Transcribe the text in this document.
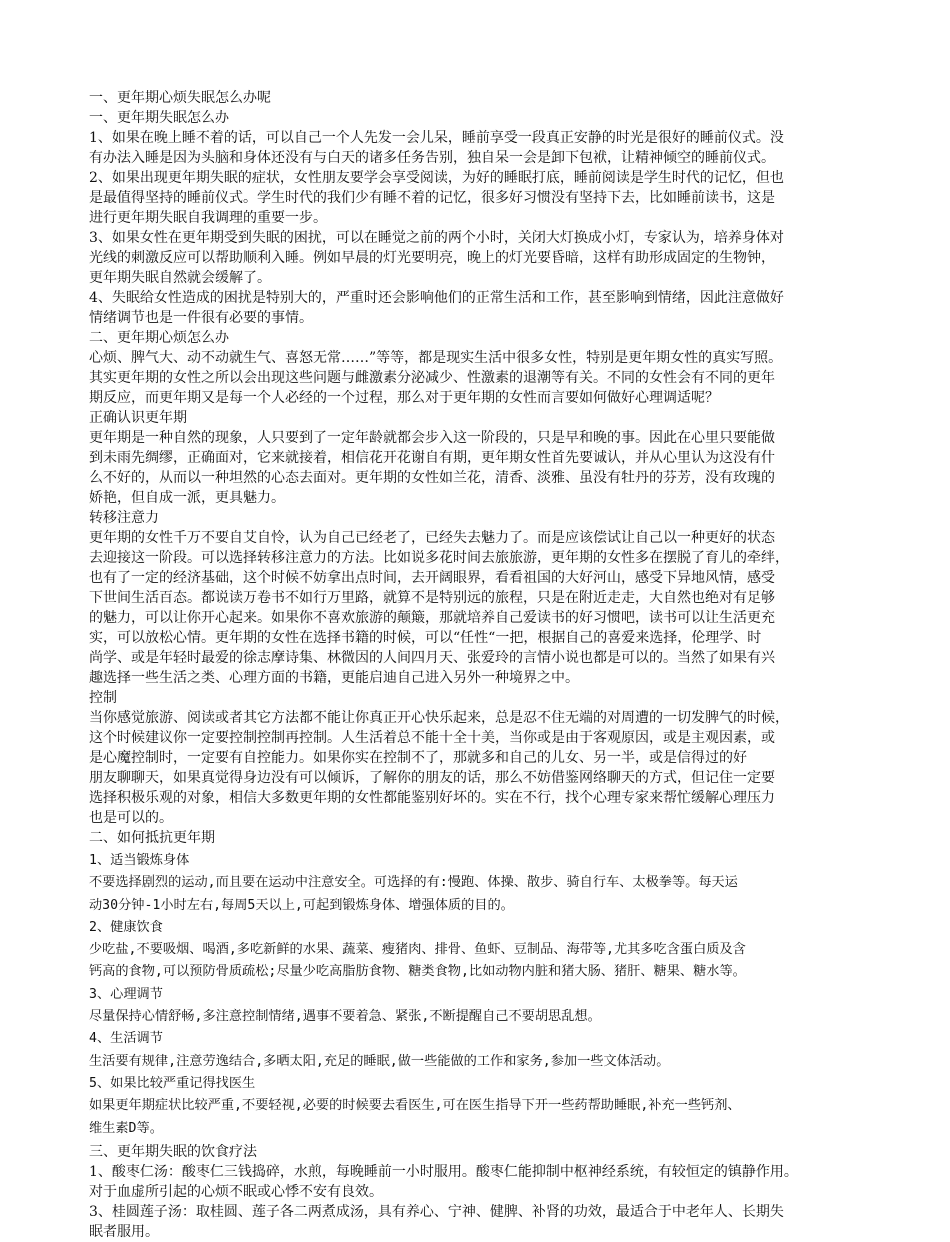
一、更年期心烦失眠怎么办呢
一、更年期失眠怎么办
1、如果在晚上睡不着的话，可以自己一个人先发一会儿呆，睡前享受一段真正安静的时光是很好的睡前仪式。没
有办法入睡是因为头脑和身体还没有与白天的诸多任务告别，独自呆一会是卸下包袱，让精神倾空的睡前仪式。
2、如果出现更年期失眠的症状，女性朋友要学会享受阅读，为好的睡眠打底，睡前阅读是学生时代的记忆，但也
是最值得坚持的睡前仪式。学生时代的我们少有睡不着的记忆，很多好习惯没有坚持下去，比如睡前读书，这是
进行更年期失眠自我调理的重要一步。
3、如果女性在更年期受到失眠的困扰，可以在睡觉之前的两个小时，关闭大灯换成小灯，专家认为，培养身体对
光线的刺激反应可以帮助顺利入睡。例如早晨的灯光要明亮，晚上的灯光要昏暗，这样有助形成固定的生物钟，
更年期失眠自然就会缓解了。
4、失眠给女性造成的困扰是特别大的，严重时还会影响他们的正常生活和工作，甚至影响到情绪，因此注意做好
情绪调节也是一件很有必要的事情。
二、更年期心烦怎么办
心烦、脾气大、动不动就生气、喜怒无常……”等等，都是现实生活中很多女性，特别是更年期女性的真实写照。
其实更年期的女性之所以会出现这些问题与雌激素分泌减少、性激素的退潮等有关。不同的女性会有不同的更年
期反应，而更年期又是每一个人必经的一个过程，那么对于更年期的女性而言要如何做好心理调适呢？
正确认识更年期
更年期是一种自然的现象，人只要到了一定年龄就都会步入这一阶段的，只是早和晚的事。因此在心里只要能做
到未雨先绸缪，正确面对，它来就接着，相信花开花谢自有期，更年期女性首先要诚认，并从心里认为这没有什
么不好的，从而以一种坦然的心态去面对。更年期的女性如兰花，清香、淡雅、虽没有牡丹的芬芳，没有玫瑰的
娇艳，但自成一派，更具魅力。
转移注意力
更年期的女性千万不要自艾自怜，认为自己已经老了，已经失去魅力了。而是应该偿试让自己以一种更好的状态
去迎接这一阶段。可以选择转移注意力的方法。比如说多花时间去旅旅游，更年期的女性多在摆脱了育儿的牵绊，
也有了一定的经济基础，这个时候不妨拿出点时间，去开阔眼界，看看祖国的大好河山，感受下异地风情，感受
下世间生活百态。都说读万卷书不如行万里路，就算不是特别远的旅程，只是在附近走走，大自然也绝对有足够
的魅力，可以让你开心起来。如果你不喜欢旅游的颠簸，那就培养自己爱读书的好习惯吧，读书可以让生活更充
实，可以放松心情。更年期的女性在选择书籍的时候，可以“任性“一把，根据自己的喜爱来选择，伦理学、时
尚学、或是年轻时最爱的徐志摩诗集、林微因的人间四月天、张爱玲的言情小说也都是可以的。当然了如果有兴
趣选择一些生活之类、心理方面的书籍，更能启迪自己进入另外一种境界之中。
控制
当你感觉旅游、阅读或者其它方法都不能让你真正开心快乐起来，总是忍不住无端的对周遭的一切发脾气的时候，
这个时候建议你一定要控制控制再控制。人生活着总不能十全十美，当你或是由于客观原因，或是主观因素，或
是心魔控制时，一定要有自控能力。如果你实在控制不了，那就多和自己的儿女、另一半，或是信得过的好
朋友聊聊天，如果真觉得身边没有可以倾诉，了解你的朋友的话，那么不妨借鉴网络聊天的方式，但记住一定要
选择积极乐观的对象，相信大多数更年期的女性都能鉴别好坏的。实在不行，找个心理专家来帮忙缓解心理压力
也是可以的。
二、如何抵抗更年期
1、适当锻炼身体
不要选择剧烈的运动,而且要在运动中注意安全。可选择的有:慢跑、体操、散步、骑自行车、太极拳等。每天运
动30分钟-1小时左右,每周5天以上,可起到锻炼身体、增强体质的目的。
2、健康饮食
少吃盐,不要吸烟、喝酒,多吃新鲜的水果、蔬菜、瘦猪肉、排骨、鱼虾、豆制品、海带等,尤其多吃含蛋白质及含
钙高的食物,可以预防骨质疏松;尽量少吃高脂肪食物、糖类食物,比如动物内脏和猪大肠、猪肝、糖果、糖水等。
3、心理调节
尽量保持心情舒畅,多注意控制情绪,遇事不要着急、紧张,不断提醒自己不要胡思乱想。
4、生活调节
生活要有规律,注意劳逸结合,多晒太阳,充足的睡眠,做一些能做的工作和家务,参加一些文体活动。
5、如果比较严重记得找医生
如果更年期症状比较严重,不要轻视,必要的时候要去看医生,可在医生指导下开一些药帮助睡眠,补充一些钙剂、
维生素D等。
三、更年期失眠的饮食疗法
1、酸枣仁汤：酸枣仁三钱捣碎，水煎，每晚睡前一小时服用。酸枣仁能抑制中枢神经系统，有较恒定的镇静作用。
对于血虚所引起的心烦不眠或心悸不安有良效。
3、桂圆莲子汤：取桂圆、莲子各二两煮成汤，具有养心、宁神、健脾、补肾的功效，最适合于中老年人、长期失
眠者服用。
